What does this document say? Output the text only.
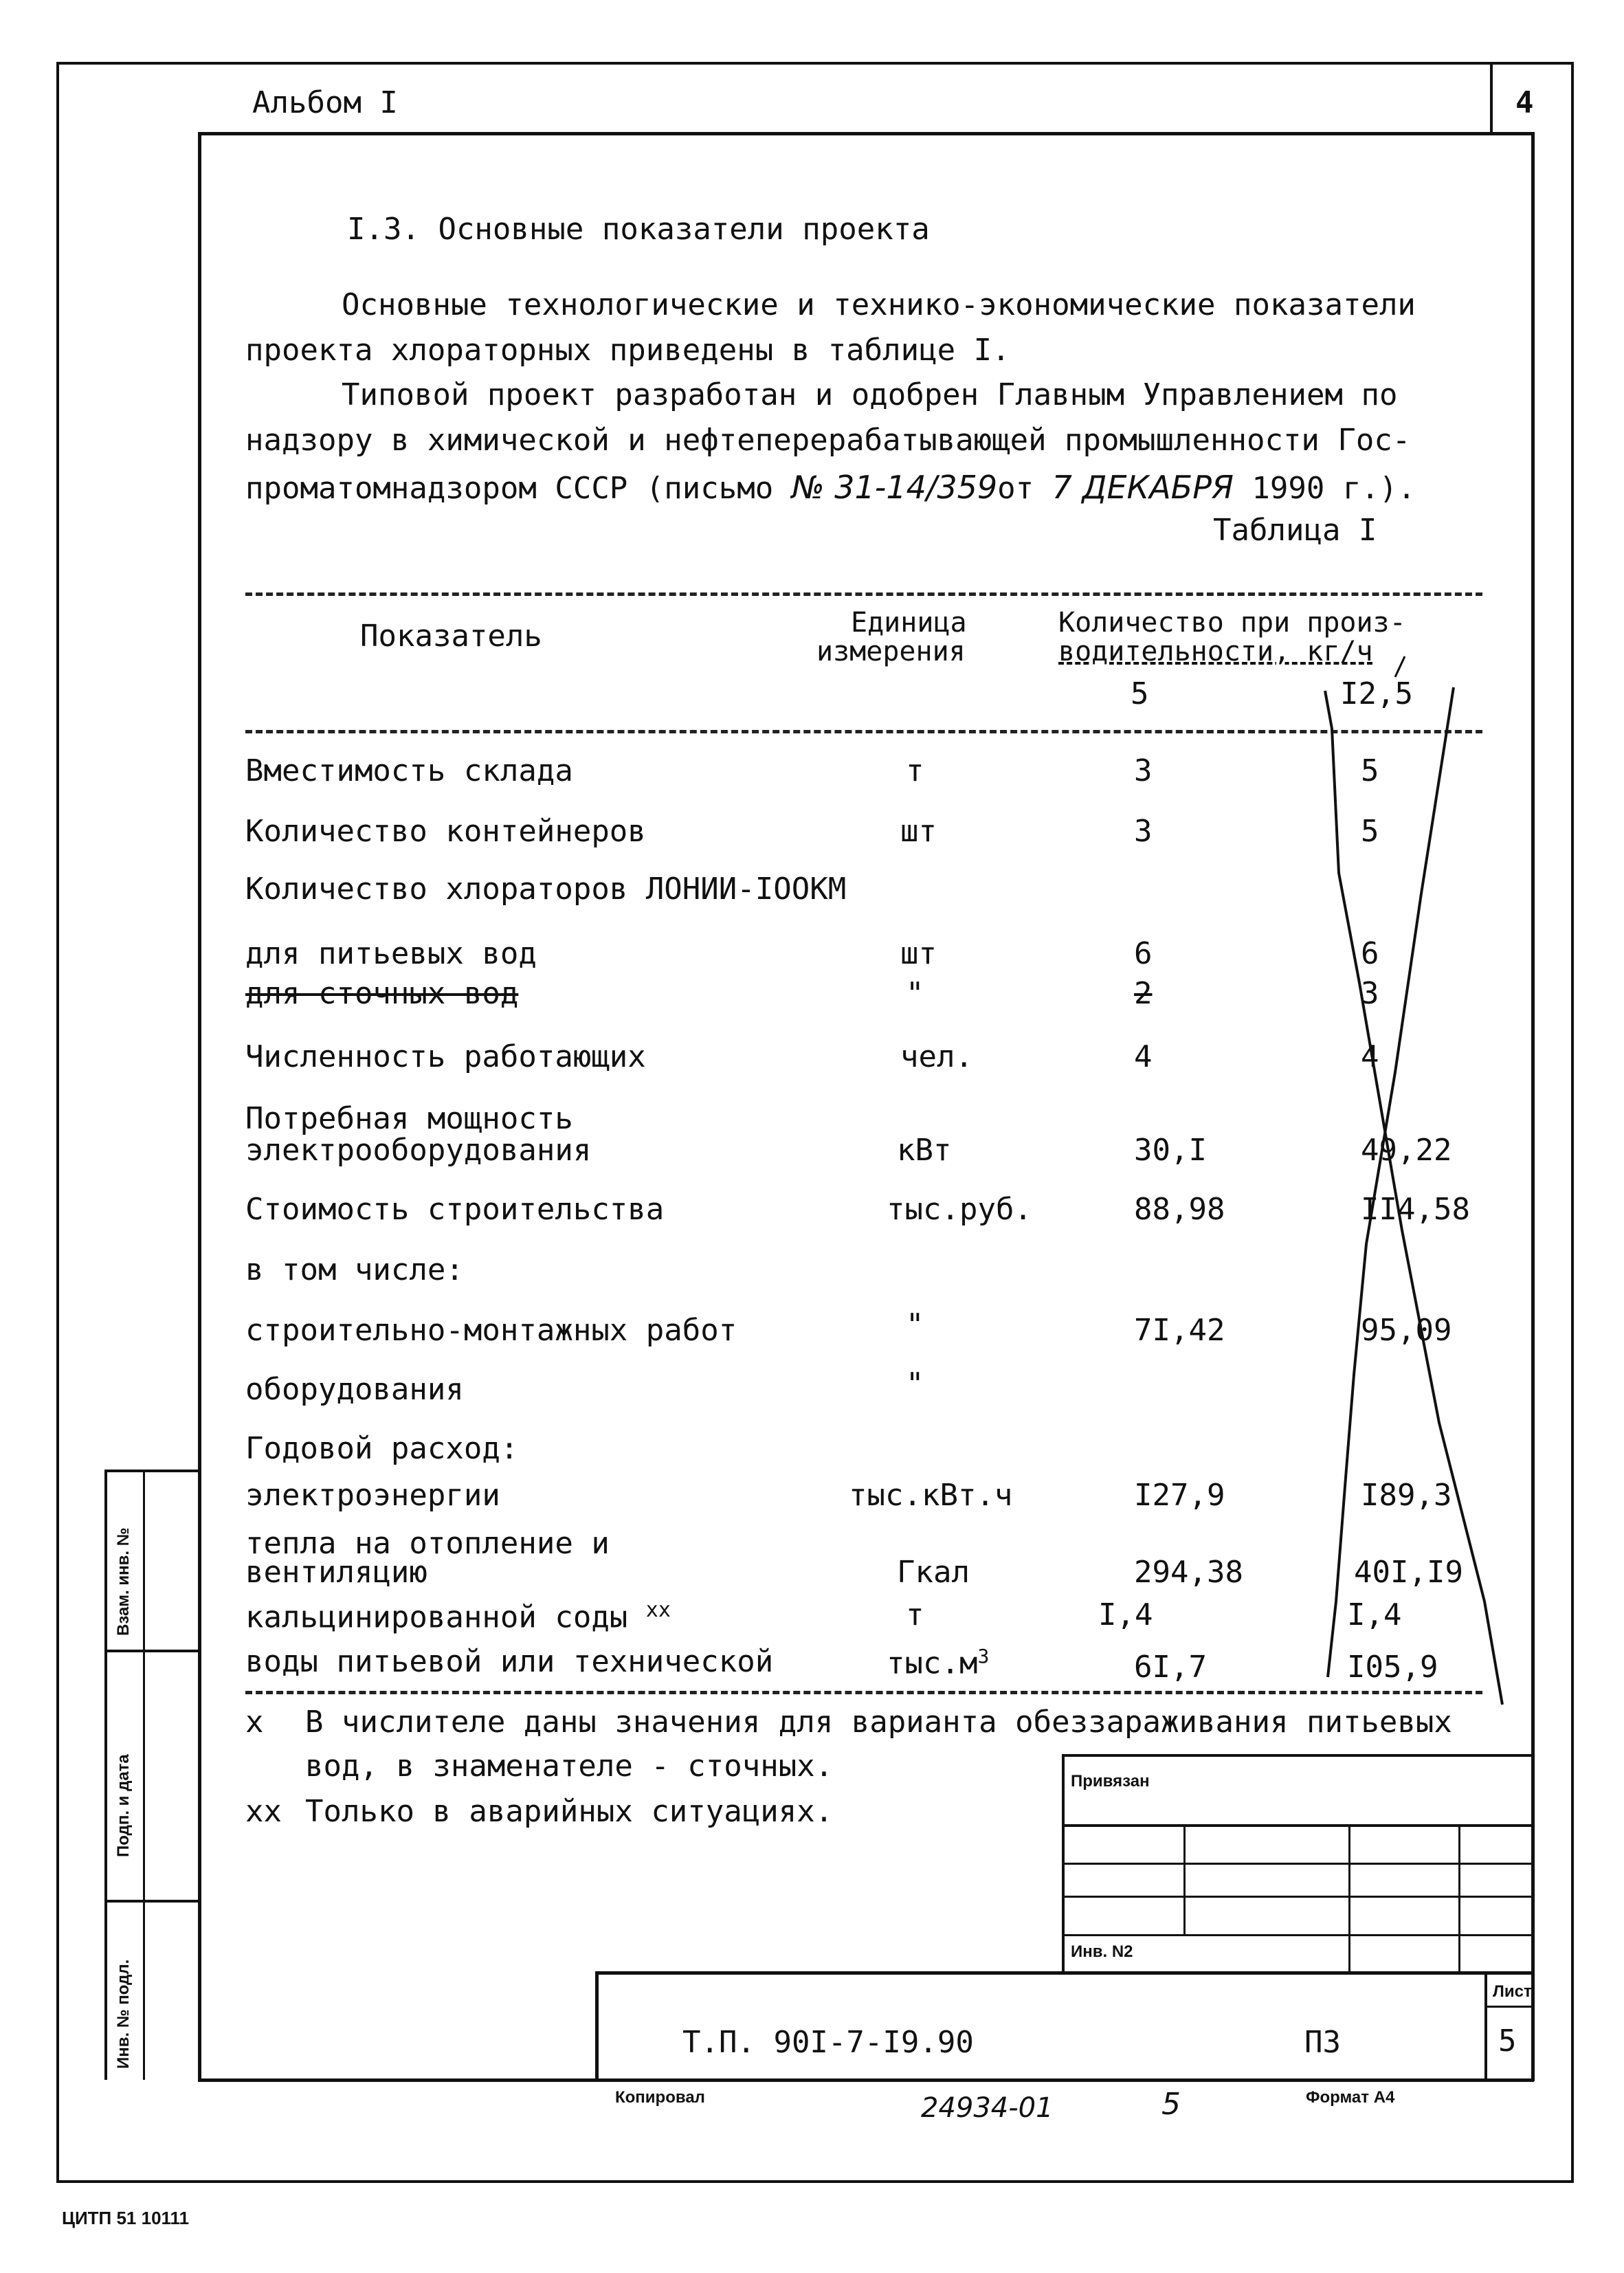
Альбом I	4
I.3. Основные показатели проекта
Основные технологические и технико-экономические показатели
проекта хлораторных приведены в таблице I.
Типовой проект разработан и одобрен Главным Управлением по
надзору в химической и нефтеперерабатывающей промышленности Гос-
проматомнадзором СССР (письмо № 31-14/359от 7 ДЕКАБРЯ 1990 г.).
Таблица I
Показатель	Единица
измерения
Количество при произ-
водительности, кг/ч
5	I2,5
Вместимость склада	т	3	5
Количество контейнеров	шт	3	5
Количество хлораторов ЛОНИИ-IOOКМ
для питьевых вод	шт	6	6
для сточных вод	"	2	3
Численность работающих	чел.	4	4
Потребная мощность
электрооборудования	кВт	30,I	49,22
Стоимость строительства	тыс.руб.	88,98	II4,58
в том числе:
строительно-монтажных работ	"	7I,42	95,09
оборудования	"
Годовой расход:
электроэнергии	тыс.кВт.ч	I27,9	I89,3
тепла на отопление и
вентиляцию	Гкал	294,38	40I,I9
кальцинированной соды $^{хх}$	т	I,4	I,4
воды питьевой или технической	$тыс.м^3$	6I,7	I05,9
х В числителе даны значения для варианта обеззараживания питьевых
вод, в знаменателе - сточных.
хх Только в аварийных ситуациях.
Привязан
Инв. N2
Лист
5
Т.П. 90I-7-I9.90	ПЗ
Взам. инв. №
Подп. и дата
Инв. № подл.
Копировал	24934-01	5	Формат А4
ЦИТП 51 10111
